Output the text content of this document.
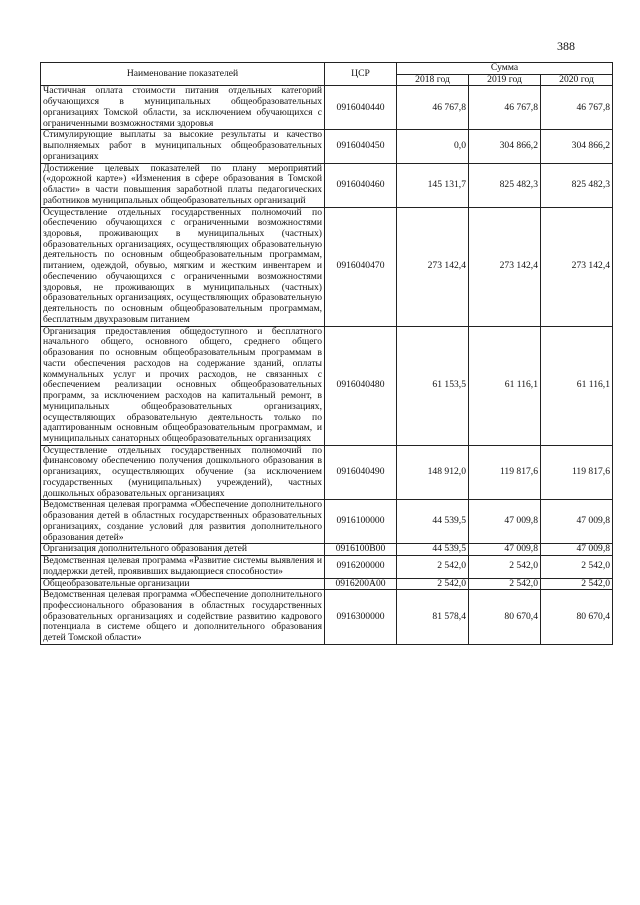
388
Наименование показателей	ЦСР	Сумма		
		2018 год	2019 год	2020 год
Частичная оплата стоимости питания отдельных категорий обучающихся в муниципальных общеобразовательных организациях Томской области, за исключением обучающихся с ограниченными возможностями здоровья	0916040440	46 767,8	46 767,8	46 767,8
Стимулирующие выплаты за высокие результаты и качество выполняемых работ в муниципальных общеобразовательных организациях	0916040450	0,0	304 866,2	304 866,2
Достижение целевых показателей по плану мероприятий («дорожной карте») «Изменения в сфере образования в Томской области» в части повышения заработной платы педагогических работников муниципальных общеобразовательных организаций	0916040460	145 131,7	825 482,3	825 482,3
Осуществление отдельных государственных полномочий по обеспечению обучающихся с ограниченными возможностями здоровья, проживающих в муниципальных (частных) образовательных организациях, осуществляющих образовательную деятельность по основным общеобразовательным программам, питанием, одеждой, обувью, мягким и жестким инвентарем и обеспечению обучающихся с ограниченными возможностями здоровья, не проживающих в муниципальных (частных) образовательных организациях, осуществляющих образовательную деятельность по основным общеобразовательным программам, бесплатным двухразовым питанием	0916040470	273 142,4	273 142,4	273 142,4
Организация предоставления общедоступного и бесплатного начального общего, основного общего, среднего общего образования по основным общеобразовательным программам в части обеспечения расходов на содержание зданий, оплаты коммунальных услуг и прочих расходов, не связанных с обеспечением реализации основных общеобразовательных программ, за исключением расходов на капитальный ремонт, в муниципальных общеобразовательных организациях, осуществляющих образовательную деятельность только по адаптированным основным общеобразовательным программам, и муниципальных санаторных общеобразовательных организациях	0916040480	61 153,5	61 116,1	61 116,1
Осуществление отдельных государственных полномочий по финансовому обеспечению получения дошкольного образования в организациях, осуществляющих обучение (за исключением государственных (муниципальных) учреждений), частных дошкольных образовательных организациях	0916040490	148 912,0	119 817,6	119 817,6
Ведомственная целевая программа «Обеспечение дополнительного образования детей в областных государственных образовательных организациях, создание условий для развития дополнительного образования детей»	0916100000	44 539,5	47 009,8	47 009,8
Организация дополнительного образования детей	0916100В00	44 539,5	47 009,8	47 009,8
Ведомственная целевая программа «Развитие системы выявления и поддержки детей, проявивших выдающиеся способности»	0916200000	2 542,0	2 542,0	2 542,0
Общеобразовательные организации	0916200А00	2 542,0	2 542,0	2 542,0
Ведомственная целевая программа «Обеспечение дополнительного профессионального образования в областных государственных образовательных организациях и содействие развитию кадрового потенциала в системе общего и дополнительного образования детей Томской области»	0916300000	81 578,4	80 670,4	80 670,4
